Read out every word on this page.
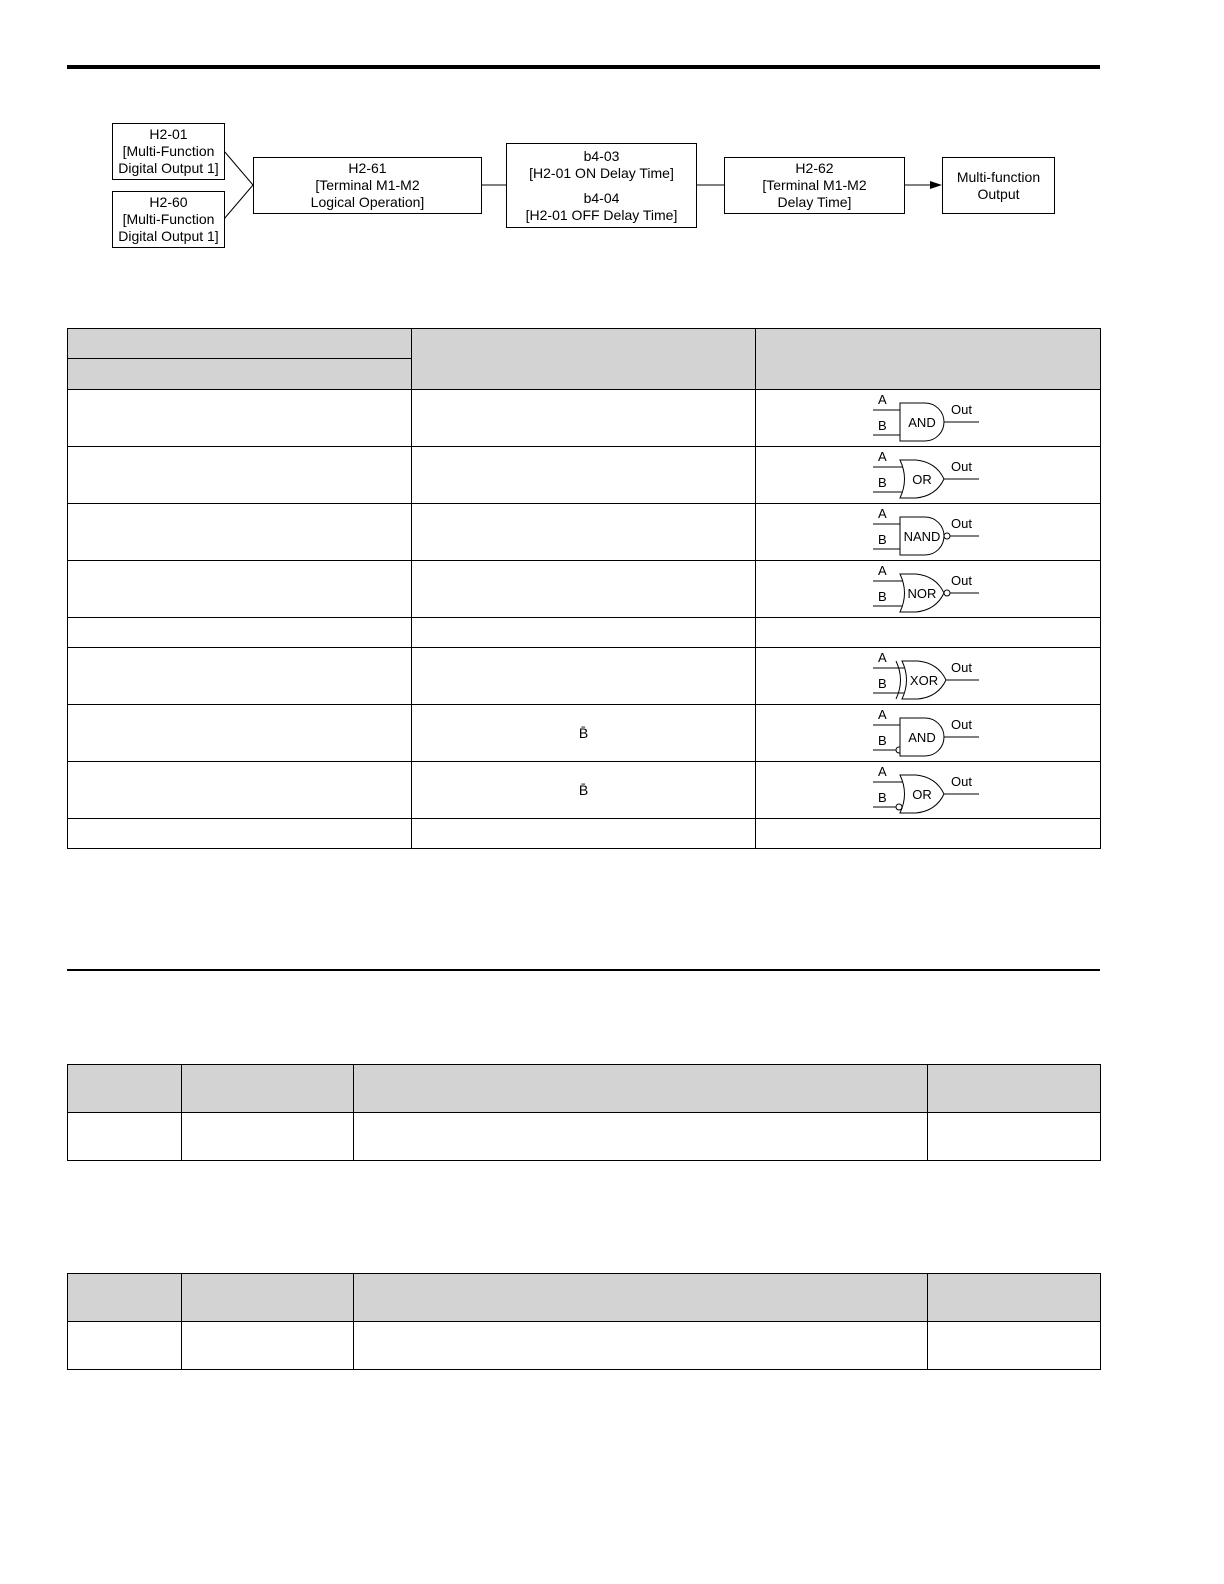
H2-01
[Multi-Function
Digital Output 1]
H2-60
[Multi-Function
Digital Output 1]
H2-61
[Terminal M1-M2
Logical Operation]
b4-03
[H2-01 ON Delay Time]
b4-04
[H2-01 OFF Delay Time]
H2-62
[Terminal M1-M2
Delay Time]
Multi-function
Output

A
B
Out
AND

A
B
Out
OR

A
B
Out
NAND

A
B
Out
NOR

A
B
Out
XOR

	B̄	A
B
Out
AND

	B̄	A
B
Out
OR
